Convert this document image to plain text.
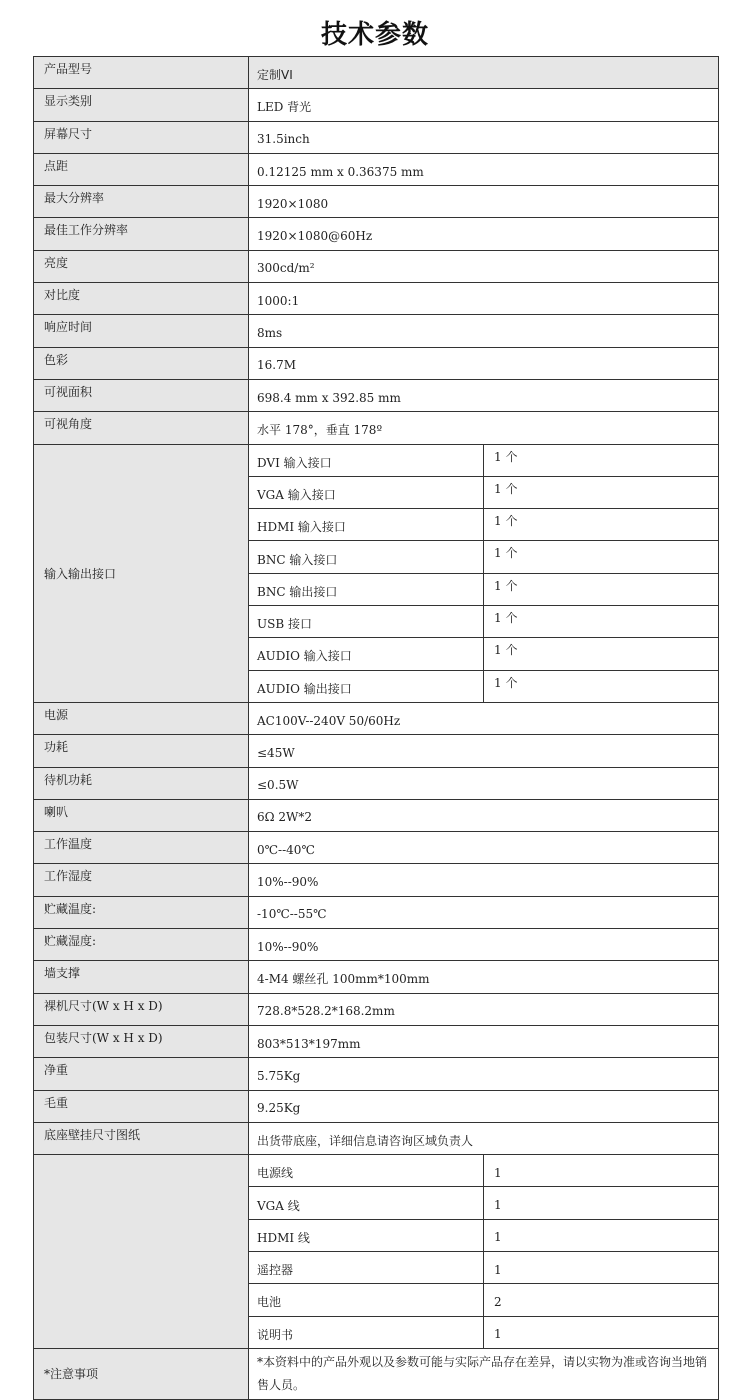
技术参数
产品型号	定制VI	
显示类别	LED 背光	
屏幕尺寸	31.5inch	
点距	0.12125 mm x 0.36375 mm	
最大分辨率	1920×1080	
最佳工作分辨率	1920×1080@60Hz	
亮度	300cd/m²	
对比度	1000:1	
响应时间	8ms	
色彩	16.7M	
可视面积	698.4 mm x 392.85 mm	
可视角度	水平 178°，垂直 178º	
输入输出接口	DVI 输入接口	1 个
	VGA 输入接口	1 个
	HDMI 输入接口	1 个
	BNC 输入接口	1 个
	BNC 输出接口	1 个
	USB 接口	1 个
	AUDIO 输入接口	1 个
	AUDIO 输出接口	1 个
电源	AC100V--240V 50/60Hz	
功耗	≤45W	
待机功耗	≤0.5W	
喇叭	6Ω 2W*2	
工作温度	0℃--40℃	
工作湿度	10%--90%	
贮藏温度:	-10℃--55℃	
贮藏湿度:	10%--90%	
墙支撑	4-M4 螺丝孔 100mm*100mm	
裸机尺寸(W x H x D)	728.8*528.2*168.2mm	
包装尺寸(W x H x D)	803*513*197mm	
净重	5.75Kg	
毛重	9.25Kg	
底座壁挂尺寸图纸	出货带底座，详细信息请咨询区域负责人	
	电源线	1
	VGA 线	1
	HDMI 线	1
	遥控器	1
	电池	2
	说明书	1
*注意事项	*本资料中的产品外观以及参数可能与实际产品存在差异，请以实物为准或咨询当地销售人员。	
